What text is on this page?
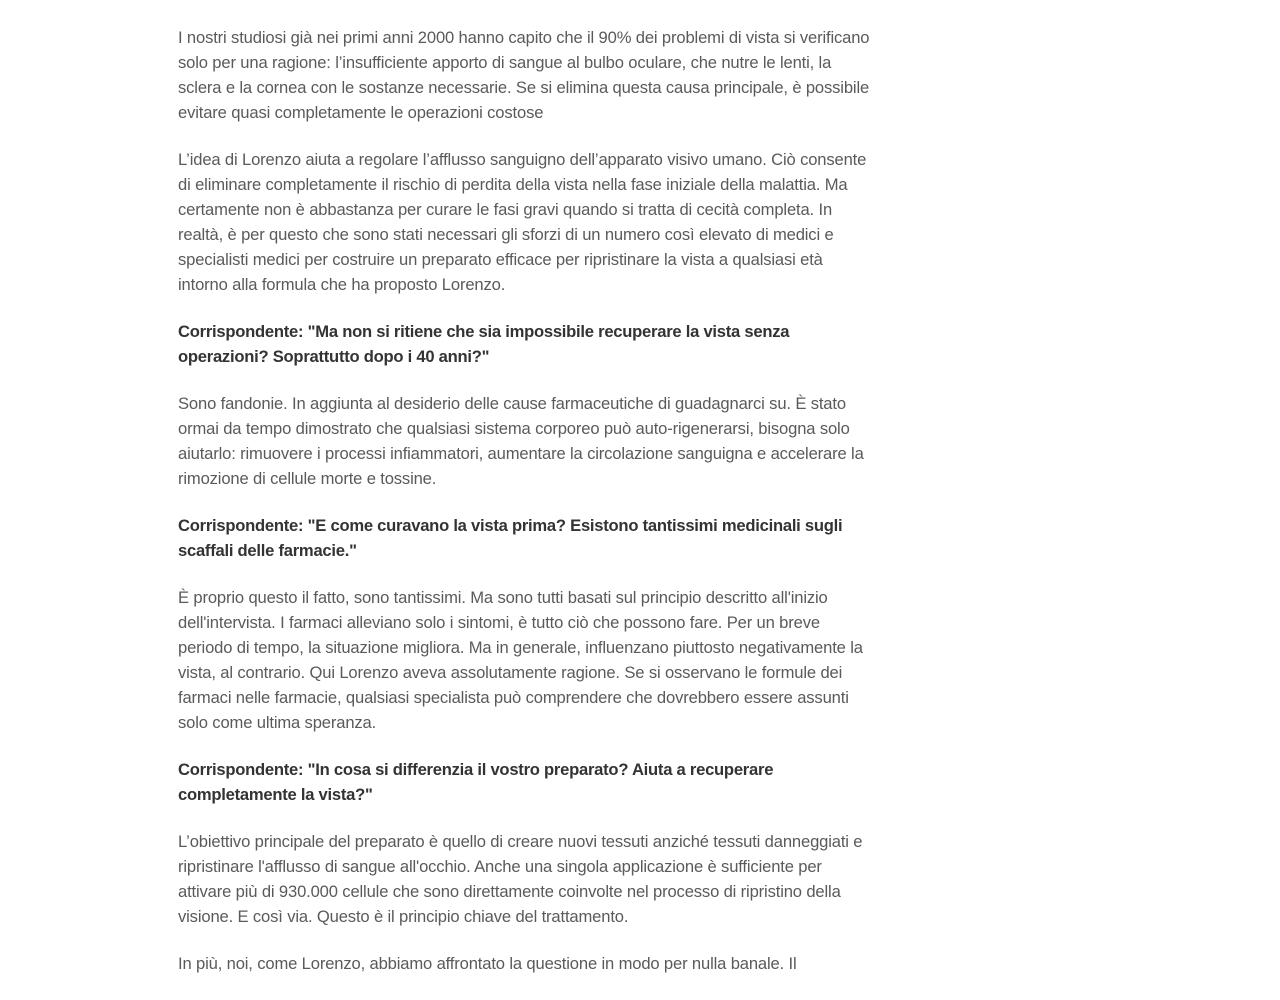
I nostri studiosi già nei primi anni 2000 hanno capito che il 90% dei problemi di vista si verificano solo per una ragione: l’insufficiente apporto di sangue al bulbo oculare, che nutre le lenti, la sclera e la cornea con le sostanze necessarie. Se si elimina questa causa principale, è possibile evitare quasi completamente le operazioni costose

L’idea di Lorenzo aiuta a regolare l’afflusso sanguigno dell’apparato visivo umano. Ciò consente di eliminare completamente il rischio di perdita della vista nella fase iniziale della malattia. Ma certamente non è abbastanza per curare le fasi gravi quando si tratta di cecità completa. In realtà, è per questo che sono stati necessari gli sforzi di un numero così elevato di medici e specialisti medici per costruire un preparato efficace per ripristinare la vista a qualsiasi età intorno alla formula che ha proposto Lorenzo.

Corrispondente: "Ma non si ritiene che sia impossibile recuperare la vista senza operazioni? Soprattutto dopo i 40 anni?"

Sono fandonie. In aggiunta al desiderio delle cause farmaceutiche di guadagnarci su. È stato ormai da tempo dimostrato che qualsiasi sistema corporeo può auto-rigenerarsi, bisogna solo aiutarlo: rimuovere i processi infiammatori, aumentare la circolazione sanguigna e accelerare la rimozione di cellule morte e tossine.

Corrispondente: "E come curavano la vista prima? Esistono tantissimi medicinali sugli scaffali delle farmacie."

È proprio questo il fatto, sono tantissimi. Ma sono tutti basati sul principio descritto all'inizio dell'intervista. I farmaci alleviano solo i sintomi, è tutto ciò che possono fare. Per un breve periodo di tempo, la situazione migliora. Ma in generale, influenzano piuttosto negativamente la vista, al contrario. Qui Lorenzo aveva assolutamente ragione. Se si osservano le formule dei farmaci nelle farmacie, qualsiasi specialista può comprendere che dovrebbero essere assunti solo come ultima speranza.

Corrispondente: "In cosa si differenzia il vostro preparato? Aiuta a recuperare completamente la vista?"

L’obiettivo principale del preparato è quello di creare nuovi tessuti anziché tessuti danneggiati e ripristinare l'afflusso di sangue all'occhio. Anche una singola applicazione è sufficiente per attivare più di 930.000 cellule che sono direttamente coinvolte nel processo di ripristino della visione. E così via. Questo è il principio chiave del trattamento.

In più, noi, come Lorenzo, abbiamo affrontato la questione in modo per nulla banale. Il
